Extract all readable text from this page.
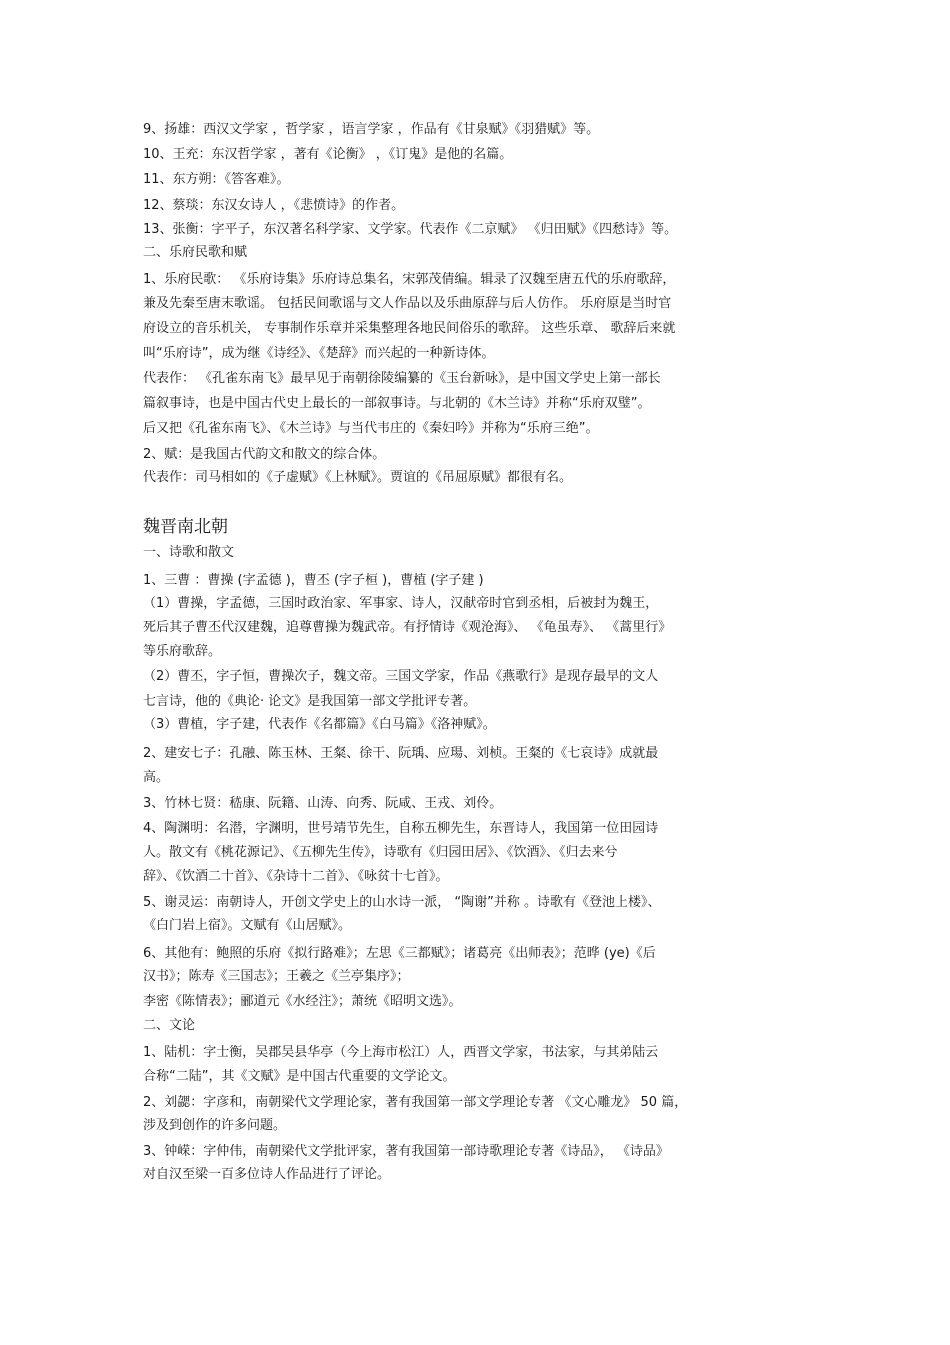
9、扬雄：西汉文学家 ，哲学家 ，语言学家 ，作品有《甘泉赋》《羽猎赋》等。
10、王充：东汉哲学家 ，著有《论衡》 ，《订鬼》是他的名篇。
11、东方朔：《答客难》。
12、蔡琰：东汉女诗人 ，《悲愤诗》的作者。
13、张衡：字平子，东汉著名科学家、文学家。代表作《二京赋》 《归田赋》《四愁诗》等。
二、乐府民歌和赋
1、乐府民歌： 《乐府诗集》乐府诗总集名，宋郭茂倩编。辑录了汉魏至唐五代的乐府歌辞，
兼及先秦至唐末歌谣。 包括民间歌谣与文人作品以及乐曲原辞与后人仿作。 乐府原是当时官
府设立的音乐机关， 专事制作乐章并采集整理各地民间俗乐的歌辞。 这些乐章、 歌辞后来就
叫“乐府诗”，成为继《诗经》、《楚辞》而兴起的一种新诗体。
代表作： 《孔雀东南飞》最早见于南朝徐陵编纂的《玉台新咏》，是中国文学史上第一部长
篇叙事诗，也是中国古代史上最长的一部叙事诗。与北朝的《木兰诗》并称“乐府双璧”。
后又把《孔雀东南飞》、《木兰诗》与当代韦庄的《秦妇吟》并称为“乐府三绝”。
2、赋：是我国古代韵文和散文的综合体。
代表作：司马相如的《子虚赋》《上林赋》。贾谊的《吊屈原赋》都很有名。
魏晋南北朝
一、诗歌和散文
1、三曹 ：曹操 (字孟德 )，曹丕 (字子桓 )，曹植 (字子建 )
（1）曹操，字孟德，三国时政治家、军事家、诗人，汉献帝时官到丞相，后被封为魏王，
死后其子曹丕代汉建魏，追尊曹操为魏武帝。有抒情诗《观沧海》、 《龟虽寿》、 《蒿里行》
等乐府歌辞。
（2）曹丕，字子恒，曹操次子，魏文帝。三国文学家，作品《燕歌行》是现存最早的文人
七言诗，他的《典论· 论文》是我国第一部文学批评专著。
（3）曹植，字子建，代表作《名都篇》《白马篇》《洛神赋》。
2、建安七子：孔融、陈玉林、王粲、徐干、阮瑀、应瑒、刘桢。王粲的《七哀诗》成就最
高。
3、竹林七贤：嵇康、阮籍、山涛、向秀、阮咸、王戎、刘伶。
4、陶渊明：名潜，字渊明，世号靖节先生，自称五柳先生，东晋诗人，我国第一位田园诗
人。散文有《桃花源记》、《五柳先生传》，诗歌有《归园田居》、《饮酒》、《归去来兮
辞》、《饮酒二十首》、《杂诗十二首》、《咏贫十七首》。
5、谢灵运：南朝诗人，开创文学史上的山水诗一派， “陶谢”并称 。诗歌有《登池上楼》、
《白门岩上宿》。文赋有《山居赋》。
6、其他有：鲍照的乐府《拟行路难》；左思《三都赋》；诸葛亮《出师表》；范晔 (ye)《后
汉书》；陈寿《三国志》；王羲之《兰亭集序》；
李密《陈情表》；郦道元《水经注》；萧统《昭明文选》。
二、文论
1、陆机：字士衡，吴郡吴县华亭（今上海市松江）人，西晋文学家，书法家，与其弟陆云
合称“二陆”，其《文赋》是中国古代重要的文学论文。
2、刘勰：字彦和，南朝梁代文学理论家，著有我国第一部文学理论专著 《文心雕龙》 50 篇，
涉及到创作的许多问题。
3、钟嵘：字仲伟，南朝梁代文学批评家，著有我国第一部诗歌理论专著《诗品》， 《诗品》
对自汉至梁一百多位诗人作品进行了评论。
